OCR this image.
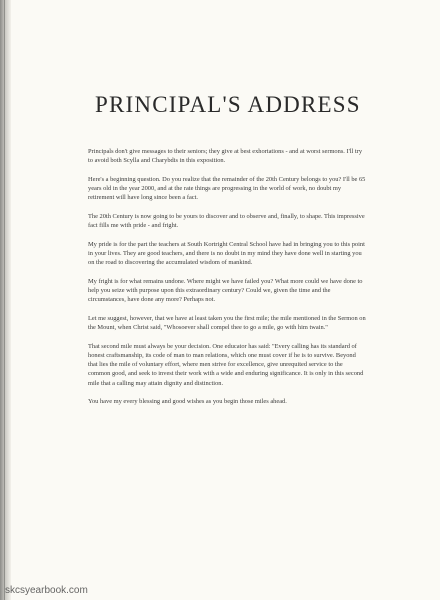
PRINCIPAL'S ADDRESS

Principals don't give messages to their seniors; they give at best exhortations - and at worst sermons. I'll try to avoid both Scylla and Charybdis in this exposition.

Here's a beginning question. Do you realize that the remainder of the 20th Century belongs to you? I'll be 65 years old in the year 2000, and at the rate things are progressing in the world of work, no doubt my retirement will have long since been a fact.

The 20th Century is now going to be yours to discover and to observe and, finally, to shape. This impressive fact fills me with pride - and fright.

My pride is for the part the teachers at South Kortright Central School have had in bringing you to this point in your lives. They are good teachers, and there is no doubt in my mind they have done well in starting you on the road to discovering the accumulated wisdom of mankind.

My fright is for what remains undone. Where might we have failed you? What more could we have done to help you seize with purpose upon this extraordinary century? Could we, given the time and the circumstances, have done any more? Perhaps not.

Let me suggest, however, that we have at least taken you the first mile; the mile mentioned in the Sermon on the Mount, when Christ said, "Whosoever shall compel thee to go a mile, go with him twain."

That second mile must always be your decision. One educator has said: "Every calling has its standard of honest craftsmanship, its code of man to man relations, which one must cover if he is to survive. Beyond that lies the mile of voluntary effort, where men strive for excellence, give unrequited service to the common good, and seek to invest their work with a wide and enduring significance. It is only in this second mile that a calling may attain dignity and distinction.

You have my every blessing and good wishes as you begin those miles ahead.

skcsyearbook.com
